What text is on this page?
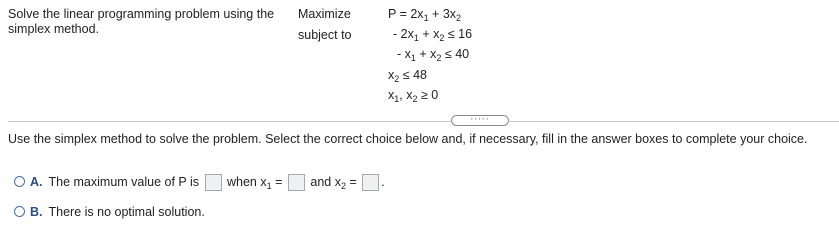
Solve the linear programming problem using the simplex method.
Maximize
subject to
$P = 2x_1 + 3x_2$
- $2x_1 + x_2 \le 16$
- $x_1 + x_2 \le 40$
$x_2 \le 48$
$x_1$, $x_2 \ge 0$
·····
Use the simplex method to solve the problem. Select the correct choice below and, if necessary, fill in the answer boxes to complete your choice.
A. The maximum value of P is when $x_1$ = and $x_2$ = .
B. There is no optimal solution.
